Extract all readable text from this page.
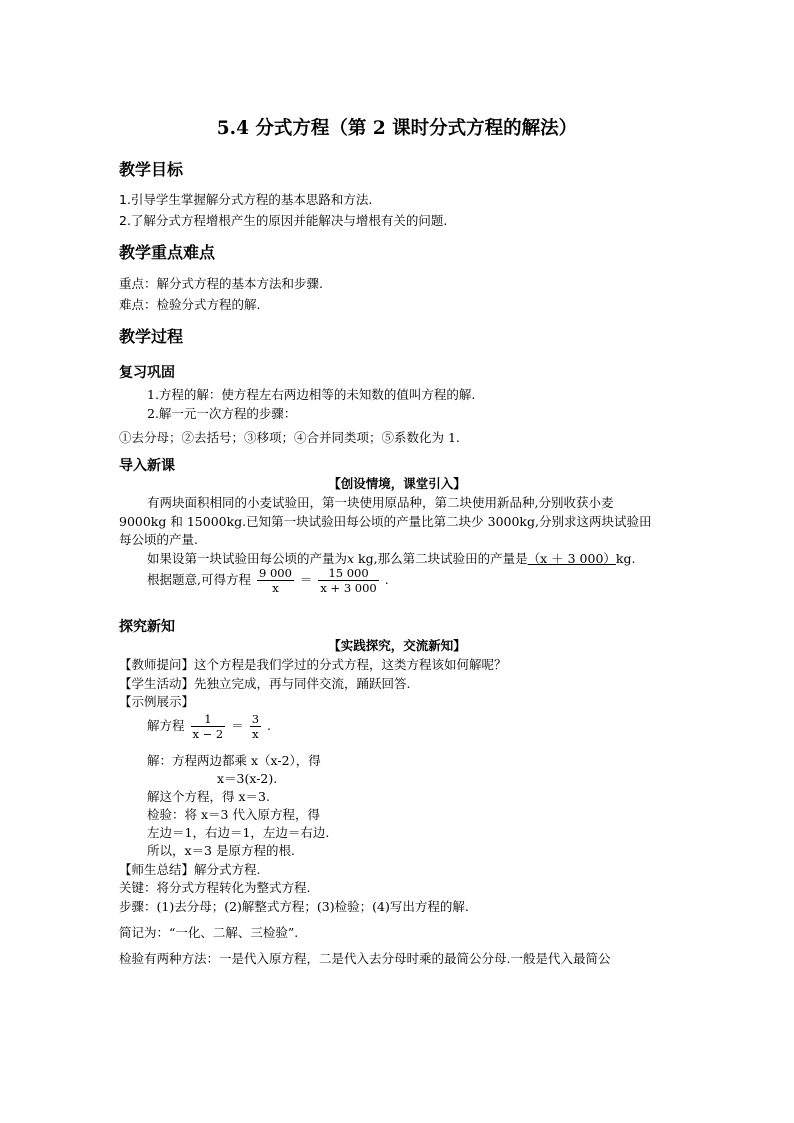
5.4 分式方程（第 2 课时分式方程的解法）
教学目标
1.引导学生掌握解分式方程的基本思路和方法.
2.了解分式方程增根产生的原因并能解决与增根有关的问题.
教学重点难点
重点：解分式方程的基本方法和步骤.
难点：检验分式方程的解.
教学过程
复习巩固
1.方程的解：使方程左右两边相等的未知数的值叫方程的解.
2.解一元一次方程的步骤：
①去分母；②去括号；③移项；④合并同类项；⑤系数化为 1.
导入新课
【创设情境，课堂引入】
有两块面积相同的小麦试验田，第一块使用原品种，第二块使用新品种,分别收获小麦
9000kg 和 15000kg.已知第一块试验田每公顷的产量比第二块少 3000kg,分别求这两块试验田
每公顷的产量.
如果设第一块试验田每公顷的产量为x kg,那么第二块试验田的产量是（x ＋ 3 000）kg.
根据题意,可得方程 $\frac{9 000}{x} = \frac{15 000}{x + 3 000}$ .
探究新知
【实践探究，交流新知】
【教师提问】这个方程是我们学过的分式方程，这类方程该如何解呢？
【学生活动】先独立完成，再与同伴交流，踊跃回答.
【示例展示】
解方程 $\frac{1}{x - 2} = \frac{3}{x}$ .
解：方程两边都乘 x（x-2），得
x＝3(x-2).
解这个方程，得 x＝3.
检验：将 x＝3 代入原方程，得
左边＝1，右边＝1，左边＝右边.
所以，x＝3 是原方程的根.
【师生总结】解分式方程.
关键：将分式方程转化为整式方程.
步骤：(1)去分母；(2)解整式方程；(3)检验；(4)写出方程的解.
简记为：“一化、二解、三检验”.
检验有两种方法：一是代入原方程，二是代入去分母时乘的最简公分母.一般是代入最简公
